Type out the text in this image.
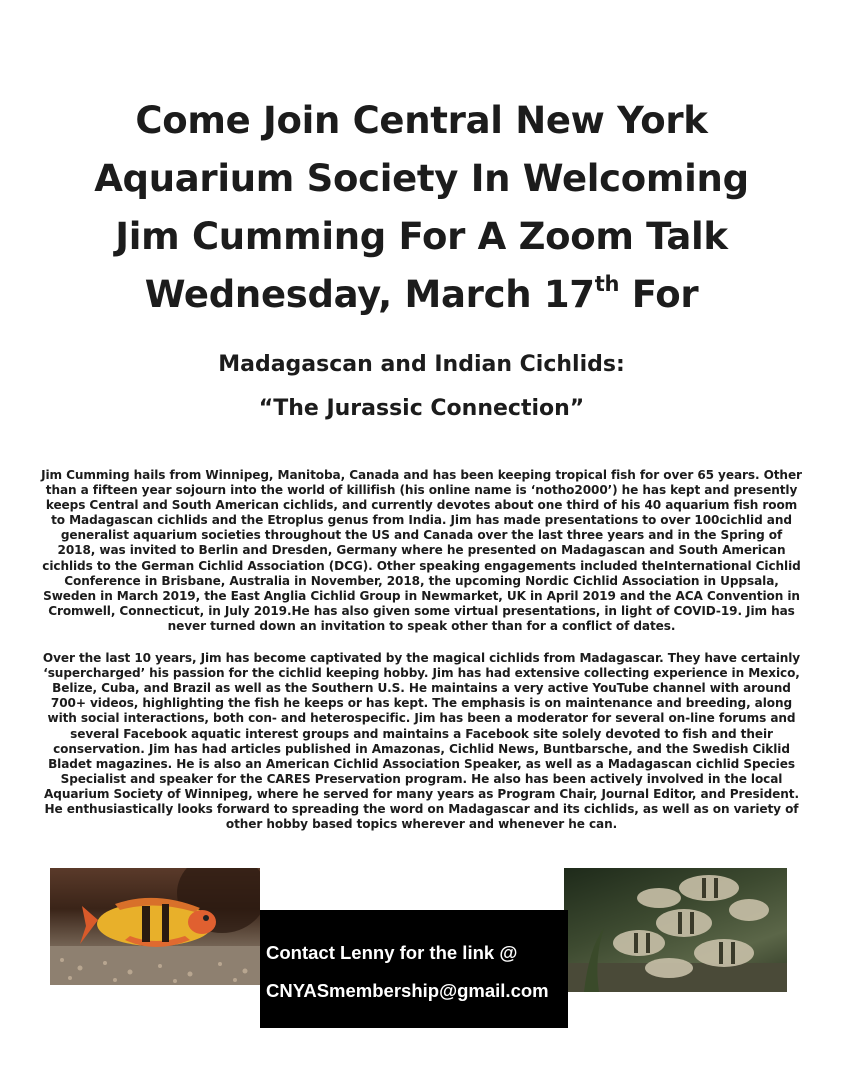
Come Join Central New York
Aquarium Society In Welcoming
Jim Cumming For A Zoom Talk
Wednesday, March 17th For
Madagascan and Indian Cichlids:
“The Jurassic Connection”

Jim Cumming hails from Winnipeg, Manitoba, Canada and has been keeping tropical fish for over 65 years. Other than a fifteen year sojourn into the world of killifish (his online name is ‘notho2000’) he has kept and presently keeps Central and South American cichlids, and currently devotes about one third of his 40 aquarium fish room to Madagascan cichlids and the Etroplus genus from India. Jim has made presentations to over 100cichlid and generalist aquarium societies throughout the US and Canada over the last three years and in the Spring of 2018, was invited to Berlin and Dresden, Germany where he presented on Madagascan and South American cichlids to the German Cichlid Association (DCG). Other speaking engagements included theInternational Cichlid Conference in Brisbane, Australia in November, 2018, the upcoming Nordic Cichlid Association in Uppsala, Sweden in March 2019, the East Anglia Cichlid Group in Newmarket, UK in April 2019 and the ACA Convention in Cromwell, Connecticut, in July 2019.He has also given some virtual presentations, in light of COVID-19. Jim has never turned down an invitation to speak other than for a conflict of dates.

Over the last 10 years, Jim has become captivated by the magical cichlids from Madagascar. They have certainly ‘supercharged’ his passion for the cichlid keeping hobby. Jim has had extensive collecting experience in Mexico, Belize, Cuba, and Brazil as well as the Southern U.S. He maintains a very active YouTube channel with around 700+ videos, highlighting the fish he keeps or has kept. The emphasis is on maintenance and breeding, along with social interactions, both con- and heterospecific. Jim has been a moderator for several on-line forums and several Facebook aquatic interest groups and maintains a Facebook site solely devoted to fish and their conservation. Jim has had articles published in Amazonas, Cichlid News, Buntbarsche, and the Swedish Ciklid Bladet magazines. He is also an American Cichlid Association Speaker, as well as a Madagascan cichlid Species Specialist and speaker for the CARES Preservation program. He also has been actively involved in the local Aquarium Society of Winnipeg, where he served for many years as Program Chair, Journal Editor, and President. He enthusiastically looks forward to spreading the word on Madagascar and its cichlids, as well as on variety of other hobby based topics wherever and whenever he can.

Contact Lenny for the link @
CNYASmembership@gmail.com
